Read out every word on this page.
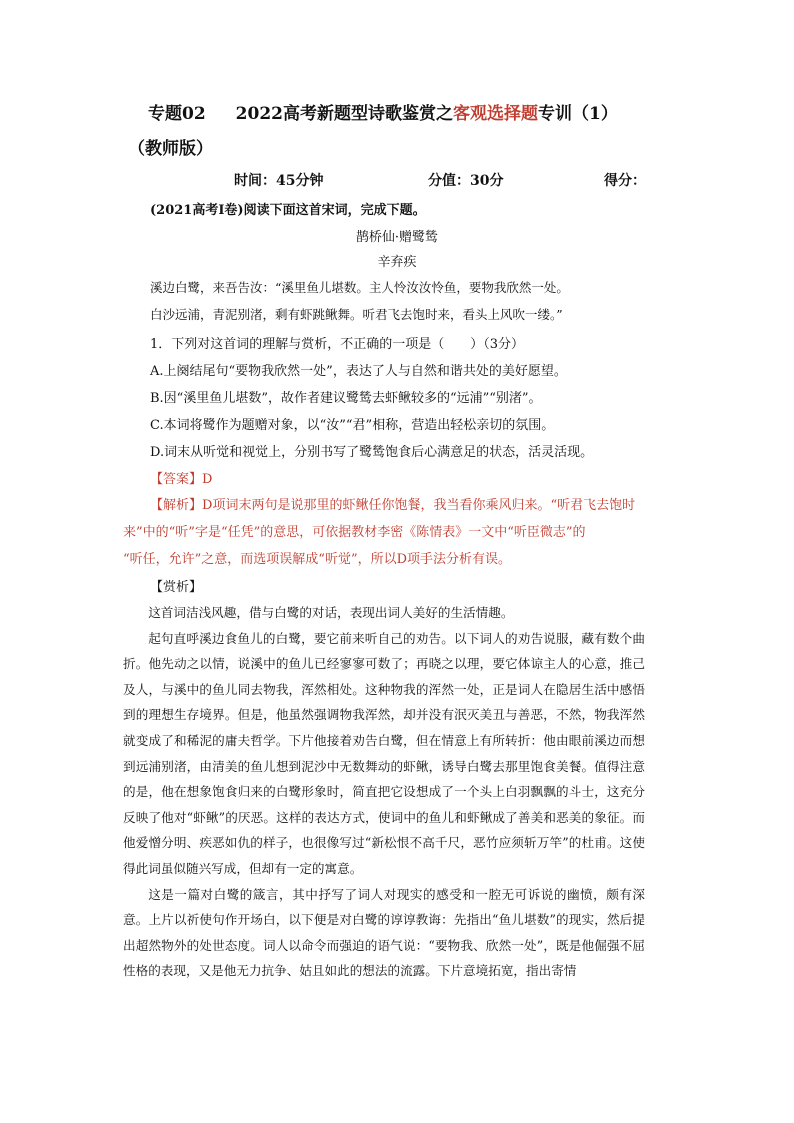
专题02 2022高考新题型诗歌鉴赏之客观选择题专训（1）
（教师版）
时间：45分钟	分值：30分	得分：
(2021高考Ⅰ卷)阅读下面这首宋词，完成下题。
鹊桥仙·赠鹭鸶
辛弃疾
溪边白鹭，来吾告汝：“溪里鱼儿堪数。主人怜汝汝怜鱼，要物我欣然一处。
白沙远浦，青泥别渚，剩有虾跳鳅舞。听君飞去饱时来，看头上风吹一缕。”
1．下列对这首词的理解与赏析，不正确的一项是（　　）（3分）
A.上阕结尾句“要物我欣然一处”，表达了人与自然和谐共处的美好愿望。
B.因“溪里鱼儿堪数”，故作者建议鹭鸶去虾鳅较多的“远浦”“别渚”。
C.本词将鹭作为题赠对象，以“汝”“君”相称，营造出轻松亲切的氛围。
D.词末从听觉和视觉上，分别书写了鹭鸶饱食后心满意足的状态，活灵活现。
【答案】D
【解析】D项词末两句是说那里的虾鳅任你饱餐，我当看你乘风归来。“听君飞去饱时
来”中的“听”字是“任凭”的意思，可依据教材李密《陈情表》一文中“听臣微志”的
“听任，允许”之意，而选项误解成“听觉”，所以D项手法分析有误。
【赏析】

这首词洁浅风趣，借与白鹭的对话，表现出词人美好的生活情趣。

起句直呼溪边食鱼儿的白鹭，要它前来听自己的劝告。以下词人的劝告说服，藏有数个曲折。他先动之以情，说溪中的鱼儿已经寥寥可数了；再晓之以理，要它体谅主人的心意，推己及人，与溪中的鱼儿同去物我，浑然相处。这种物我的浑然一处，正是词人在隐居生活中感悟到的理想生存境界。但是，他虽然强调物我浑然，却并没有泯灭美丑与善恶，不然，物我浑然就变成了和稀泥的庸夫哲学。下片他接着劝告白鹭，但在情意上有所转折：他由眼前溪边而想到远浦别渚，由清美的鱼儿想到泥沙中无数舞动的虾鳅，诱导白鹭去那里饱食美餐。值得注意的是，他在想象饱食归来的白鹭形象时，简直把它设想成了一个头上白羽飘飘的斗士，这充分反映了他对“虾鳅”的厌恶。这样的表达方式，使词中的鱼儿和虾鳅成了善美和恶美的象征。而他爱憎分明、疾恶如仇的样子，也很像写过“新松恨不高千尺，恶竹应须斩万竿”的杜甫。这使得此词虽似随兴写成，但却有一定的寓意。

这是一篇对白鹭的箴言，其中抒写了词人对现实的感受和一腔无可诉说的幽愤，颇有深意。上片以祈使句作开场白，以下便是对白鹭的谆谆教诲：先指出“鱼儿堪数”的现实，然后提出超然物外的处世态度。词人以命令而强迫的语气说：“要物我、欣然一处”，既是他倔强不屈性格的表现，又是他无力抗争、姑且如此的想法的流露。下片意境拓宽，指出寄情
